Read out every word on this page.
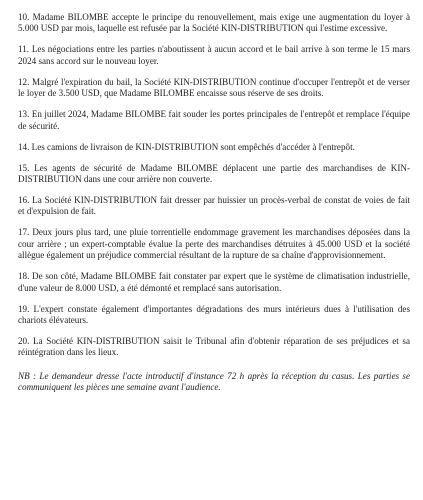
10. Madame BILOMBE accepte le principe du renouvellement, mais exige une augmentation du loyer à 5.000 USD par mois, laquelle est refusée par la Société KIN-DISTRIBUTION qui l'estime excessive.

11. Les négociations entre les parties n'aboutissent à aucun accord et le bail arrive à son terme le 15 mars 2024 sans accord sur le nouveau loyer.

12. Malgré l'expiration du bail, la Société KIN-DISTRIBUTION continue d'occuper l'entrepôt et de verser le loyer de 3.500 USD, que Madame BILOMBE encaisse sous réserve de ses droits.

13. En juillet 2024, Madame BILOMBE fait souder les portes principales de l'entrepôt et remplace l'équipe de sécurité.

14. Les camions de livraison de KIN-DISTRIBUTION sont empêchés d'accéder à l'entrepôt.

15. Les agents de sécurité de Madame BILOMBE déplacent une partie des marchandises de KIN-DISTRIBUTION dans une cour arrière non couverte.

16. La Société KIN-DISTRIBUTION fait dresser par huissier un procès-verbal de constat de voies de fait et d'expulsion de fait.

17. Deux jours plus tard, une pluie torrentielle endommage gravement les marchandises déposées dans la cour arrière ; un expert-comptable évalue la perte des marchandises détruites à 45.000 USD et la société allègue également un préjudice commercial résultant de la rupture de sa chaîne d'approvisionnement.

18. De son côté, Madame BILOMBE fait constater par expert que le système de climatisation industrielle, d'une valeur de 8.000 USD, a été démonté et remplacé sans autorisation.

19. L'expert constate également d'importantes dégradations des murs intérieurs dues à l'utilisation des chariots élévateurs.

20. La Société KIN-DISTRIBUTION saisit le Tribunal afin d'obtenir réparation de ses préjudices et sa réintégration dans les lieux.

NB : Le demandeur dresse l'acte introductif d'instance 72 h après la réception du casus. Les parties se communiquent les pièces une semaine avant l'audience.
